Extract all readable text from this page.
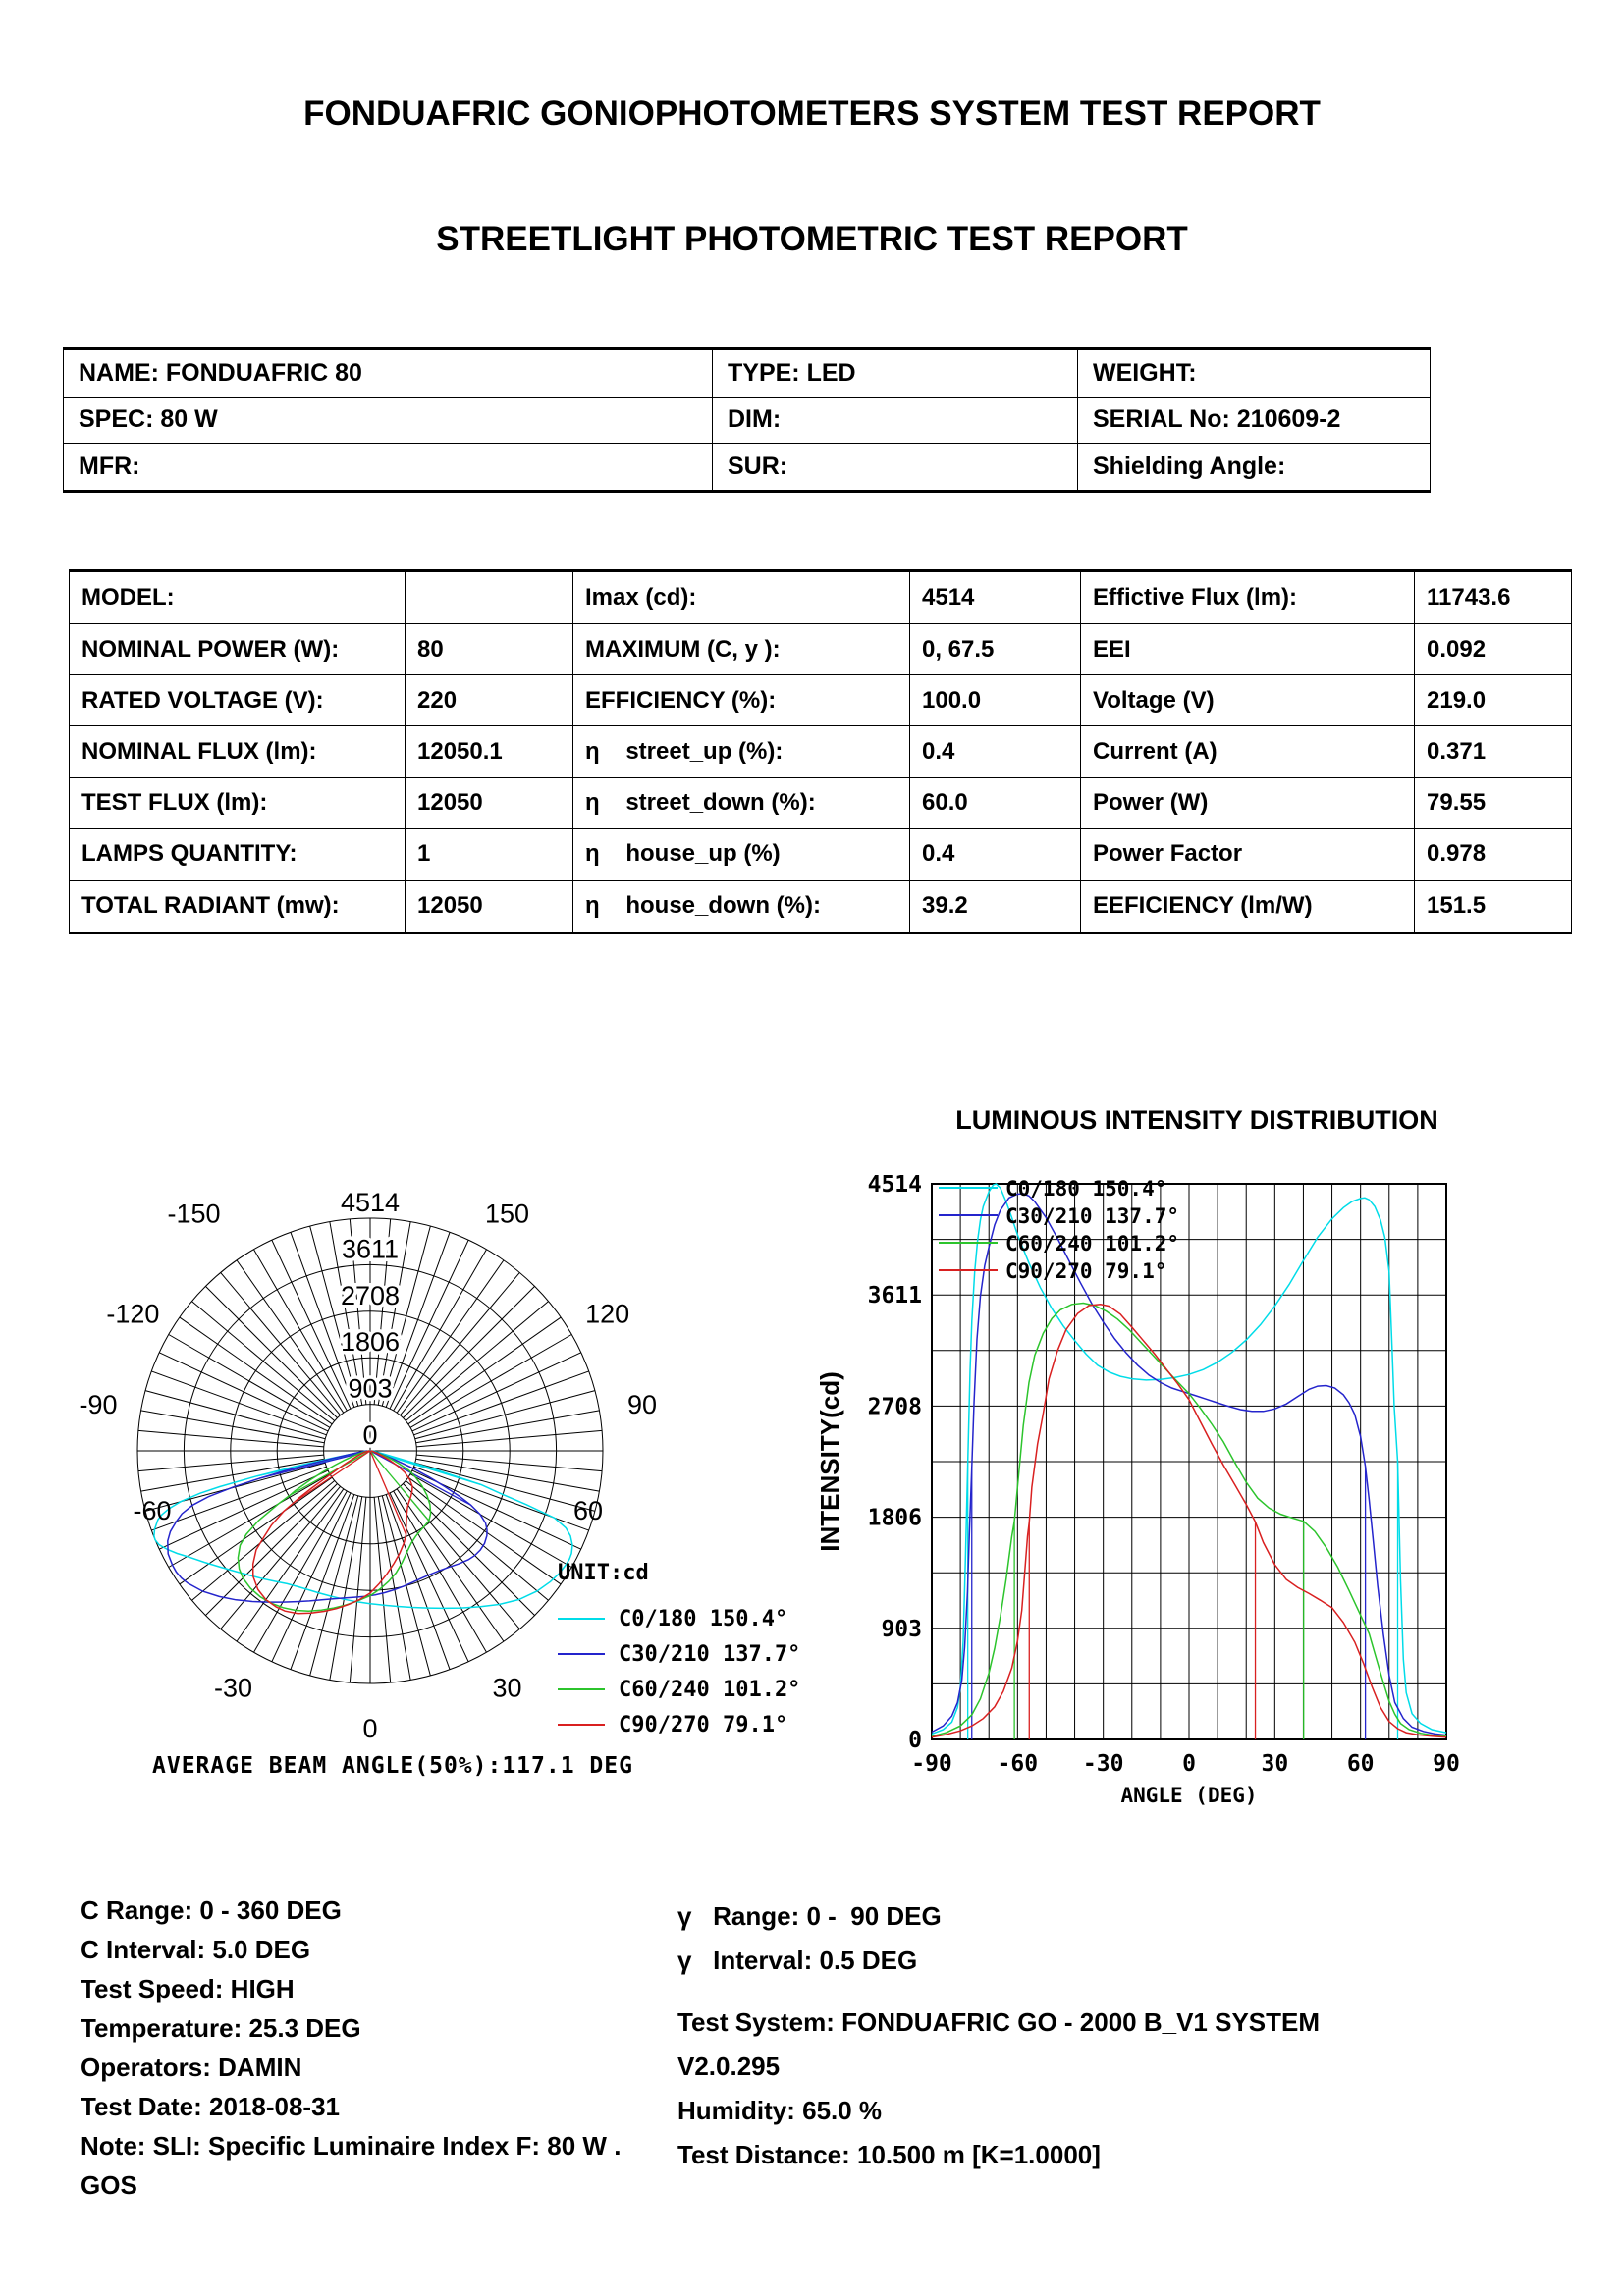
FONDUAFRIC GONIOPHOTOMETERS SYSTEM TEST REPORT
STREETLIGHT PHOTOMETRIC TEST REPORT
NAME: FONDUAFRIC 80	TYPE: LED	WEIGHT:
SPEC: 80 W	DIM:	SERIAL No: 210609-2
MFR:	SUR:	Shielding Angle:
MODEL:		Imax (cd):	4514	Effictive Flux (lm):	11743.6
NOMINAL POWER (W):	80	MAXIMUM (C, y ):	0, 67.5	EEI	0.092
RATED VOLTAGE (V):	220	EFFICIENCY (%):	100.0	Voltage (V)	219.0
NOMINAL FLUX (lm):	12050.1	η    street_up (%):	0.4	Current (A)	0.371
TEST FLUX (lm):	12050	η    street_down (%):	60.0	Power (W)	79.55
LAMPS QUANTITY:	1	η    house_up (%)	0.4	Power Factor	0.978
TOTAL RADIANT (mw):	12050	η    house_down (%):	39.2	EEFICIENCY (lm/W)	151.5
0
903
1806
2708
3611
4514
-150
-120
-90
-60
-30
0
30
60
90
120
150
UNIT:cd
C0/180 150.4°
C30/210 137.7°
C60/240 101.2°
C90/270 79.1°
AVERAGE BEAM ANGLE(50%):117.1 DEG
LUMINOUS INTENSITY DISTRIBUTION
0
903
1806
2708
3611
4514
-90 -60 -30	0	30	60	90
ANGLE (DEG)
INTENSITY(cd)
C0/180 150.4°
C30/210 137.7°
C60/240 101.2°
C90/270 79.1°
C Range: 0 - 360 DEG
C Interval: 5.0 DEG
Test Speed: HIGH
Temperature: 25.3 DEG
Operators: DAMIN
Test Date: 2018-08-31
Note: SLI: Specific Luminaire Index F: 80 W .
GOS
γ   Range: 0 -  90 DEG
γ   Interval: 0.5 DEG

Test System: FONDUAFRIC GO - 2000 B_V1 SYSTEM
V2.0.295
Humidity: 65.0 %
Test Distance: 10.500 m [K=1.0000]
